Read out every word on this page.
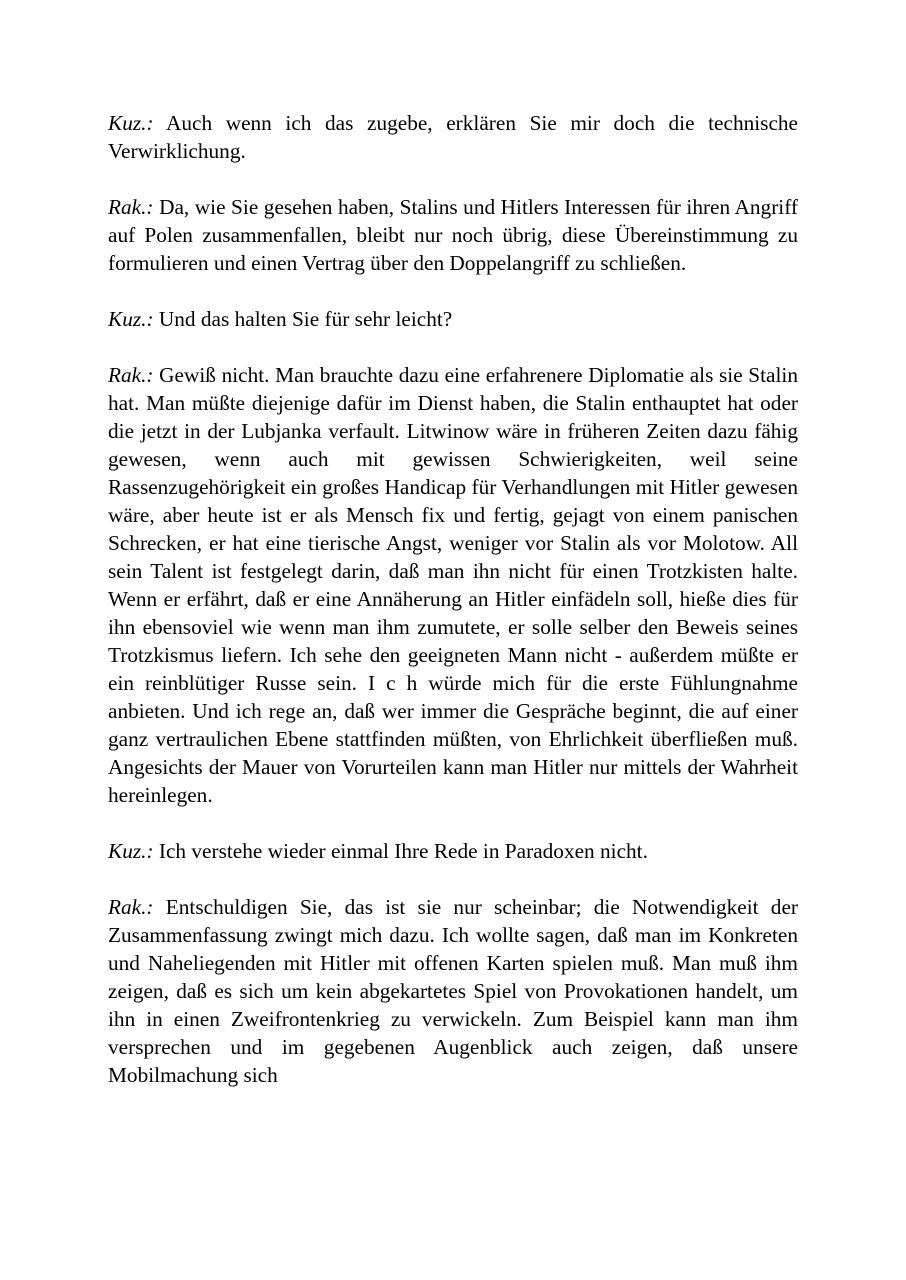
Kuz.: Auch wenn ich das zugebe, erklären Sie mir doch die technische Verwirklichung.

Rak.: Da, wie Sie gesehen haben, Stalins und Hitlers Interessen für ihren Angriff auf Polen zusammenfallen, bleibt nur noch übrig, diese Übereinstimmung zu formulieren und einen Vertrag über den Doppelangriff zu schließen.

Kuz.: Und das halten Sie für sehr leicht?

Rak.: Gewiß nicht. Man brauchte dazu eine erfahrenere Diplomatie als sie Stalin hat. Man müßte diejenige dafür im Dienst haben, die Stalin enthauptet hat oder die jetzt in der Lubjanka verfault. Litwinow wäre in früheren Zeiten dazu fähig gewesen, wenn auch mit gewissen Schwierigkeiten, weil seine Rassenzugehörigkeit ein großes Handicap für Verhandlungen mit Hitler gewesen wäre, aber heute ist er als Mensch fix und fertig, gejagt von einem panischen Schrecken, er hat eine tierische Angst, weniger vor Stalin als vor Molotow. All sein Talent ist festgelegt darin, daß man ihn nicht für einen Trotzkisten halte. Wenn er erfährt, daß er eine Annäherung an Hitler einfädeln soll, hieße dies für ihn ebensoviel wie wenn man ihm zumutete, er solle selber den Beweis seines Trotzkismus liefern. Ich sehe den geeigneten Mann nicht - außerdem müßte er ein reinblütiger Russe sein. I c h würde mich für die erste Fühlungnahme anbieten. Und ich rege an, daß wer immer die Gespräche beginnt, die auf einer ganz vertraulichen Ebene stattfinden müßten, von Ehrlichkeit überfließen muß. Angesichts der Mauer von Vorurteilen kann man Hitler nur mittels der Wahrheit hereinlegen.

Kuz.: Ich verstehe wieder einmal Ihre Rede in Paradoxen nicht.

Rak.: Entschuldigen Sie, das ist sie nur scheinbar; die Notwendigkeit der Zusammenfassung zwingt mich dazu. Ich wollte sagen, daß man im Konkreten und Naheliegenden mit Hitler mit offenen Karten spielen muß. Man muß ihm zeigen, daß es sich um kein abgekartetes Spiel von Provokationen handelt, um ihn in einen Zweifrontenkrieg zu verwickeln. Zum Beispiel kann man ihm versprechen und im gegebenen Augenblick auch zeigen, daß unsere Mobilmachung sich
